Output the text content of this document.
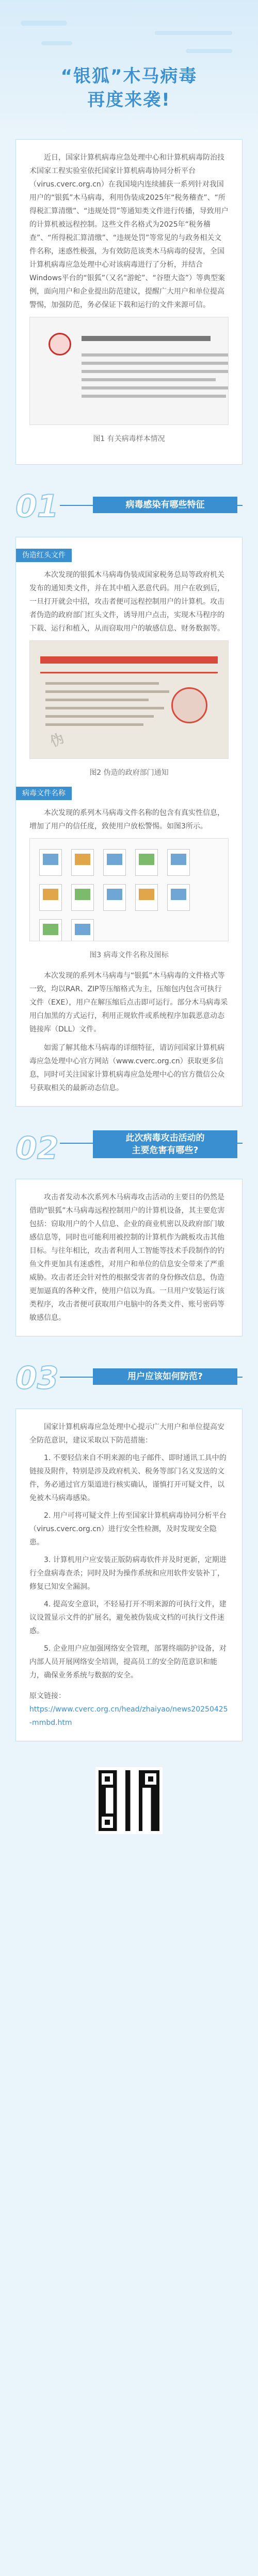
“银狐”木马病毒
再度来袭!

近日，国家计算机病毒应急处理中心和计算机病毒防治技术国家工程实验室依托国家计算机病毒协同分析平台（virus.cverc.org.cn）在我国境内连续捕获一系列针对我国用户的“银狐”木马病毒，利用伪装成2025年“税务稽查”、“所得税汇算清缴”、“违规处罚”等通知类文件进行传播，导致用户的计算机被远程控制。这些文件名格式为2025年“税务稽查”、“所得税汇算清缴”、“违规处罚”等常见的与政务相关文件名称，迷惑性极强，为有效防范该类木马病毒的侵害，全国计算机病毒应急处理中心对该病毒进行了分析，并结合Windows平台的“银狐”（又名“游蛇”、“谷堕大盗”）等典型案例，面向用户和企业提出防范建议，提醒广大用户和单位提高警惕，加强防范，务必保证下载和运行的文件来源可信。

图1 有关病毒样本情况
01	病毒感染有哪些特征
伪造红头文件

本次发现的银狐木马病毒伪装成国家税务总局等政府机关发布的通知类文件，并在其中植入恶意代码。用户在收到后，一旦打开就会中招，攻击者便可远程控制用户的计算机。攻击者伪造的政府部门红头文件，诱导用户点击，实现木马程序的下载、运行和植入，从而窃取用户的敏感信息、财务数据等。

伪
图2 伪造的政府部门通知
病毒文件名称

本次发现的系列木马病毒文件名称的包含有真实性信息，增加了用户的信任度，致使用户放松警惕。如图3所示。

图3 病毒文件名称及图标

本次发现的系列木马病毒与“银狐”木马病毒的文件格式等一致，均以RAR、ZIP等压缩格式为主，压缩包内包含可执行文件（EXE），用户在解压缩后点击即可运行。部分木马病毒采用白加黑的方式运行，利用正规软件或系统程序加载恶意动态链接库（DLL）文件。

如需了解其他木马病毒的详细特征，请访问国家计算机病毒应急处理中心官方网站（www.cverc.org.cn）获取更多信息，同时可关注国家计算机病毒应急处理中心的官方微信公众号获取相关的最新动态信息。

02	此次病毒攻击活动的
主要危害有哪些?

攻击者发动本次系列木马病毒攻击活动的主要目的仍然是借助“银狐”木马病毒远程控制用户的计算机设备，其主要危害包括：窃取用户的个人信息、企业的商业机密以及政府部门敏感信息等，同时也可能利用被控制的计算机作为跳板攻击其他目标。与往年相比，攻击者利用人工智能等技术手段制作的钓鱼文件更加具有迷惑性，对用户和单位的信息安全带来了严重威胁。攻击者还会针对性的根据受害者的身份修改信息，伪造更加逼真的各种文件，使用户信以为真。一旦用户安装运行该类程序，攻击者便可获取用户电脑中的各类文件、账号密码等敏感信息。

03	用户应该如何防范?

国家计算机病毒应急处理中心提示广大用户和单位提高安全防范意识，建议采取以下防范措施：

1. 不要轻信来自不明来源的电子邮件、即时通讯工具中的链接及附件，特别是涉及政府机关、税务等部门名义发送的文件，务必通过官方渠道进行核实确认，谨慎打开可疑文件，以免被木马病毒感染。

2. 用户可将可疑文件上传至国家计算机病毒协同分析平台（virus.cverc.org.cn）进行安全性检测，及时发现安全隐患。

3. 计算机用户应安装正版防病毒软件并及时更新，定期进行全盘病毒查杀；同时及时为操作系统和应用软件安装补丁，修复已知安全漏洞。

4. 提高安全意识，不轻易打开不明来源的可执行文件，建议设置显示文件的扩展名，避免被伪装成文档的可执行文件迷惑。

5. 企业用户应加强网络安全管理，部署终端防护设备，对内部人员开展网络安全培训，提高员工的安全防范意识和能力，确保业务系统与数据的安全。

原文链接：

https://www.cverc.org.cn/head/zhaiyao/news20250425-mmbd.htm
